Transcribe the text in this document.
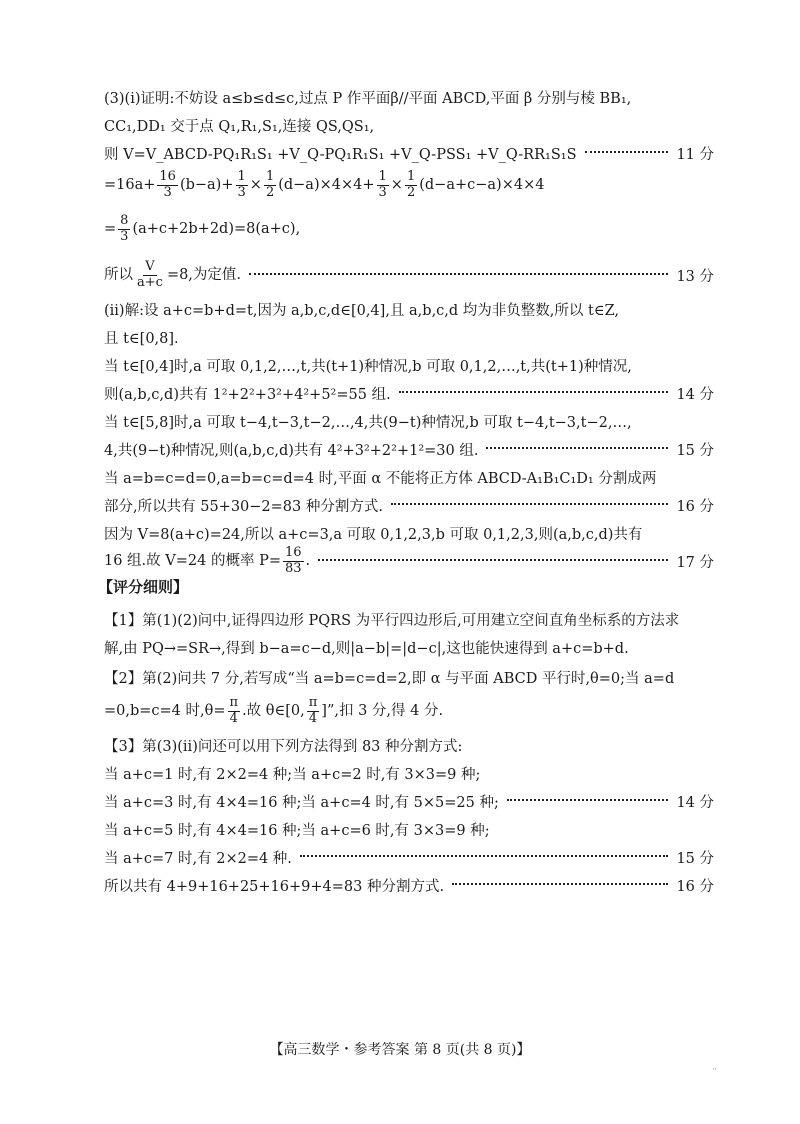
(3)(ⅰ)证明:不妨设 a≤b≤d≤c,过点 P 作平面β//平面 ABCD,平面 β 分别与棱 BB₁,
CC₁,DD₁ 交于点 Q₁,R₁,S₁,连接 QS,QS₁,
则 V=V_ABCD-PQ₁R₁S₁ +V_Q-PQ₁R₁S₁ +V_Q-PSS₁ +V_Q-RR₁S₁S	11 分
$=16a+ \frac{16}{3} (b-a)+ \frac{1}{3} \times \frac{1}{2} (d-a)\times 4\times 4+ \frac{1}{3} \times \frac{1}{2} (d-a+c-a)\times 4\times 4$
= $\frac{8}{3} (a+c+2b+2d)=8(a+c)$,
所以 $\frac{V}{a+c} =8$,为定值.	13 分
(ⅱ)解:设 a+c=b+d=t,因为 a,b,c,d∈[0,4],且 a,b,c,d 均为非负整数,所以 t∈Z,
且 t∈[0,8].
当 t∈[0,4]时,a 可取 0,1,2,…,t,共(t+1)种情况,b 可取 0,1,2,…,t,共(t+1)种情况,
则(a,b,c,d)共有 1²+2²+3²+4²+5²=55 组.	14 分
当 t∈[5,8]时,a 可取 t−4,t−3,t−2,…,4,共(9−t)种情况,b 可取 t−4,t−3,t−2,…,
4,共(9−t)种情况,则(a,b,c,d)共有 4²+3²+2²+1²=30 组.	15 分
当 a=b=c=d=0,a=b=c=d=4 时,平面 α 不能将正方体 ABCD-A₁B₁C₁D₁ 分割成两
部分,所以共有 55+30−2=83 种分割方式.	16 分
因为 V=8(a+c)=24,所以 a+c=3,a 可取 0,1,2,3,b 可取 0,1,2,3,则(a,b,c,d)共有
16 组.故 V=24 的概率 $P= \frac{16}{83}$ .	17 分
【评分细则】
【1】第(1)(2)问中,证得四边形 PQRS 为平行四边形后,可用建立空间直角坐标系的方法求
解,由 PQ→=SR→,得到 b−a=c−d,则|a−b|=|d−c|,这也能快速得到 a+c=b+d.
【2】第(2)问共 7 分,若写成“当 a=b=c=d=2,即 α 与平面 ABCD 平行时,θ=0;当 a=d
=0,b=c=4 时$,\theta= \frac{\pi}{4}$ .故 θ∈[0, $\frac{\pi}{4}$ ]”,扣 3 分,得 4 分.
【3】第(3)(ⅱ)问还可以用下列方法得到 83 种分割方式:
当 a+c=1 时,有 2×2=4 种;当 a+c=2 时,有 3×3=9 种;
当 a+c=3 时,有 4×4=16 种;当 a+c=4 时,有 5×5=25 种;	14 分
当 a+c=5 时,有 4×4=16 种;当 a+c=6 时,有 3×3=9 种;
当 a+c=7 时,有 2×2=4 种.	15 分
所以共有 4+9+16+25+16+9+4=83 种分割方式.	16 分
【高三数学・参考答案 第 8 页(共 8 页)】
¨
